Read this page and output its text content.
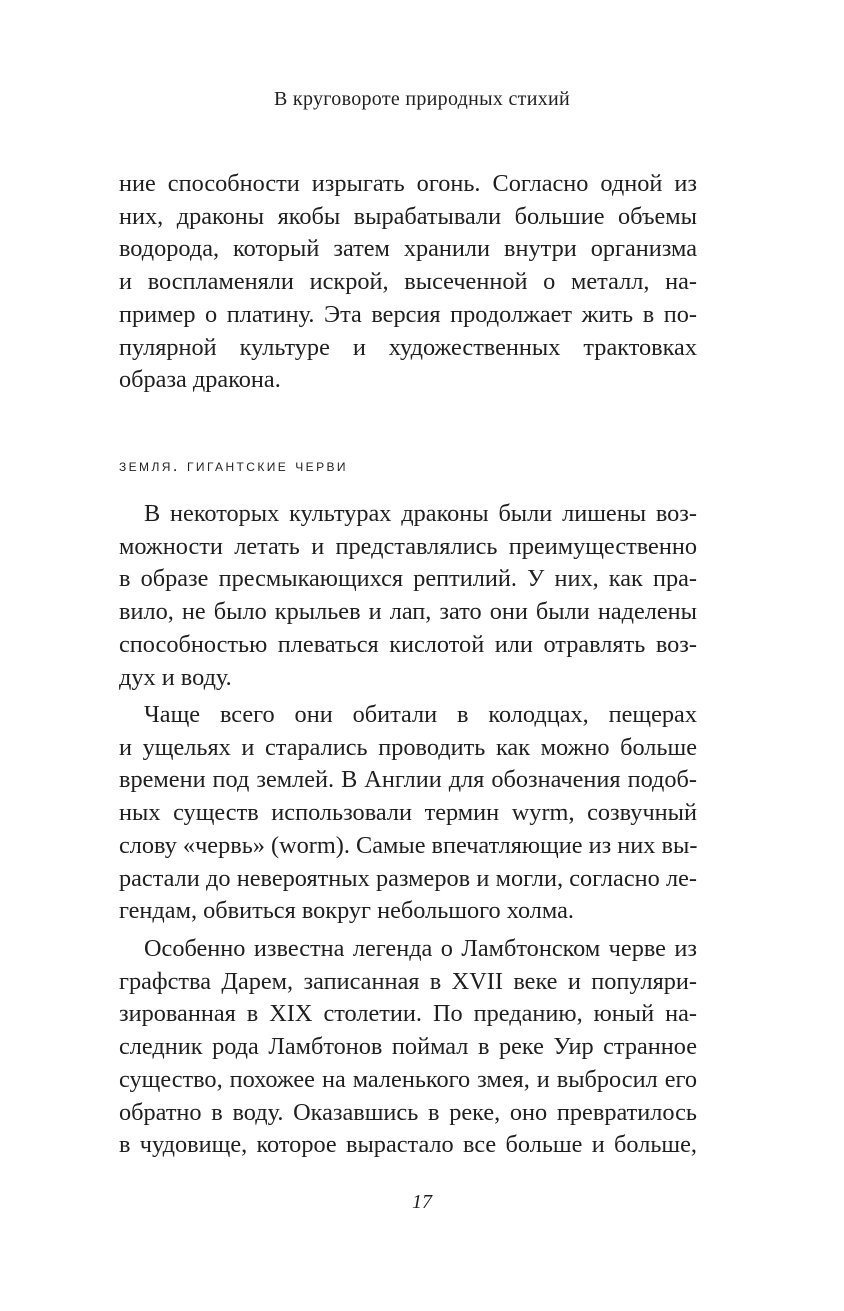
В круговороте природных стихий
ние способности изрыгать огонь. Согласно одной из
них, драконы якобы вырабатывали большие объемы
водорода, который затем хранили внутри организма
и воспламеняли искрой, высеченной о металл, на-
пример о платину. Эта версия продолжает жить в по-
пулярной культуре и художественных трактовках
образа дракона.
земля. гигантские черви
В некоторых культурах драконы были лишены воз-
можности летать и представлялись преимущественно
в образе пресмыкающихся рептилий. У них, как пра-
вило, не было крыльев и лап, зато они были наделены
способностью плеваться кислотой или отравлять воз-
дух и воду.
Чаще всего они обитали в колодцах, пещерах
и ущельях и старались проводить как можно больше
времени под землей. В Англии для обозначения подоб-
ных существ использовали термин wyrm, созвучный
слову «червь» (worm). Самые впечатляющие из них вы-
растали до невероятных размеров и могли, согласно ле-
гендам, обвиться вокруг небольшого холма.
Особенно известна легенда о Ламбтонском черве из
графства Дарем, записанная в XVII веке и популяри-
зированная в XIX столетии. По преданию, юный на-
следник рода Ламбтонов поймал в реке Уир странное
существо, похожее на маленького змея, и выбросил его
обратно в воду. Оказавшись в реке, оно превратилось
в чудовище, которое вырастало все больше и больше,
17
